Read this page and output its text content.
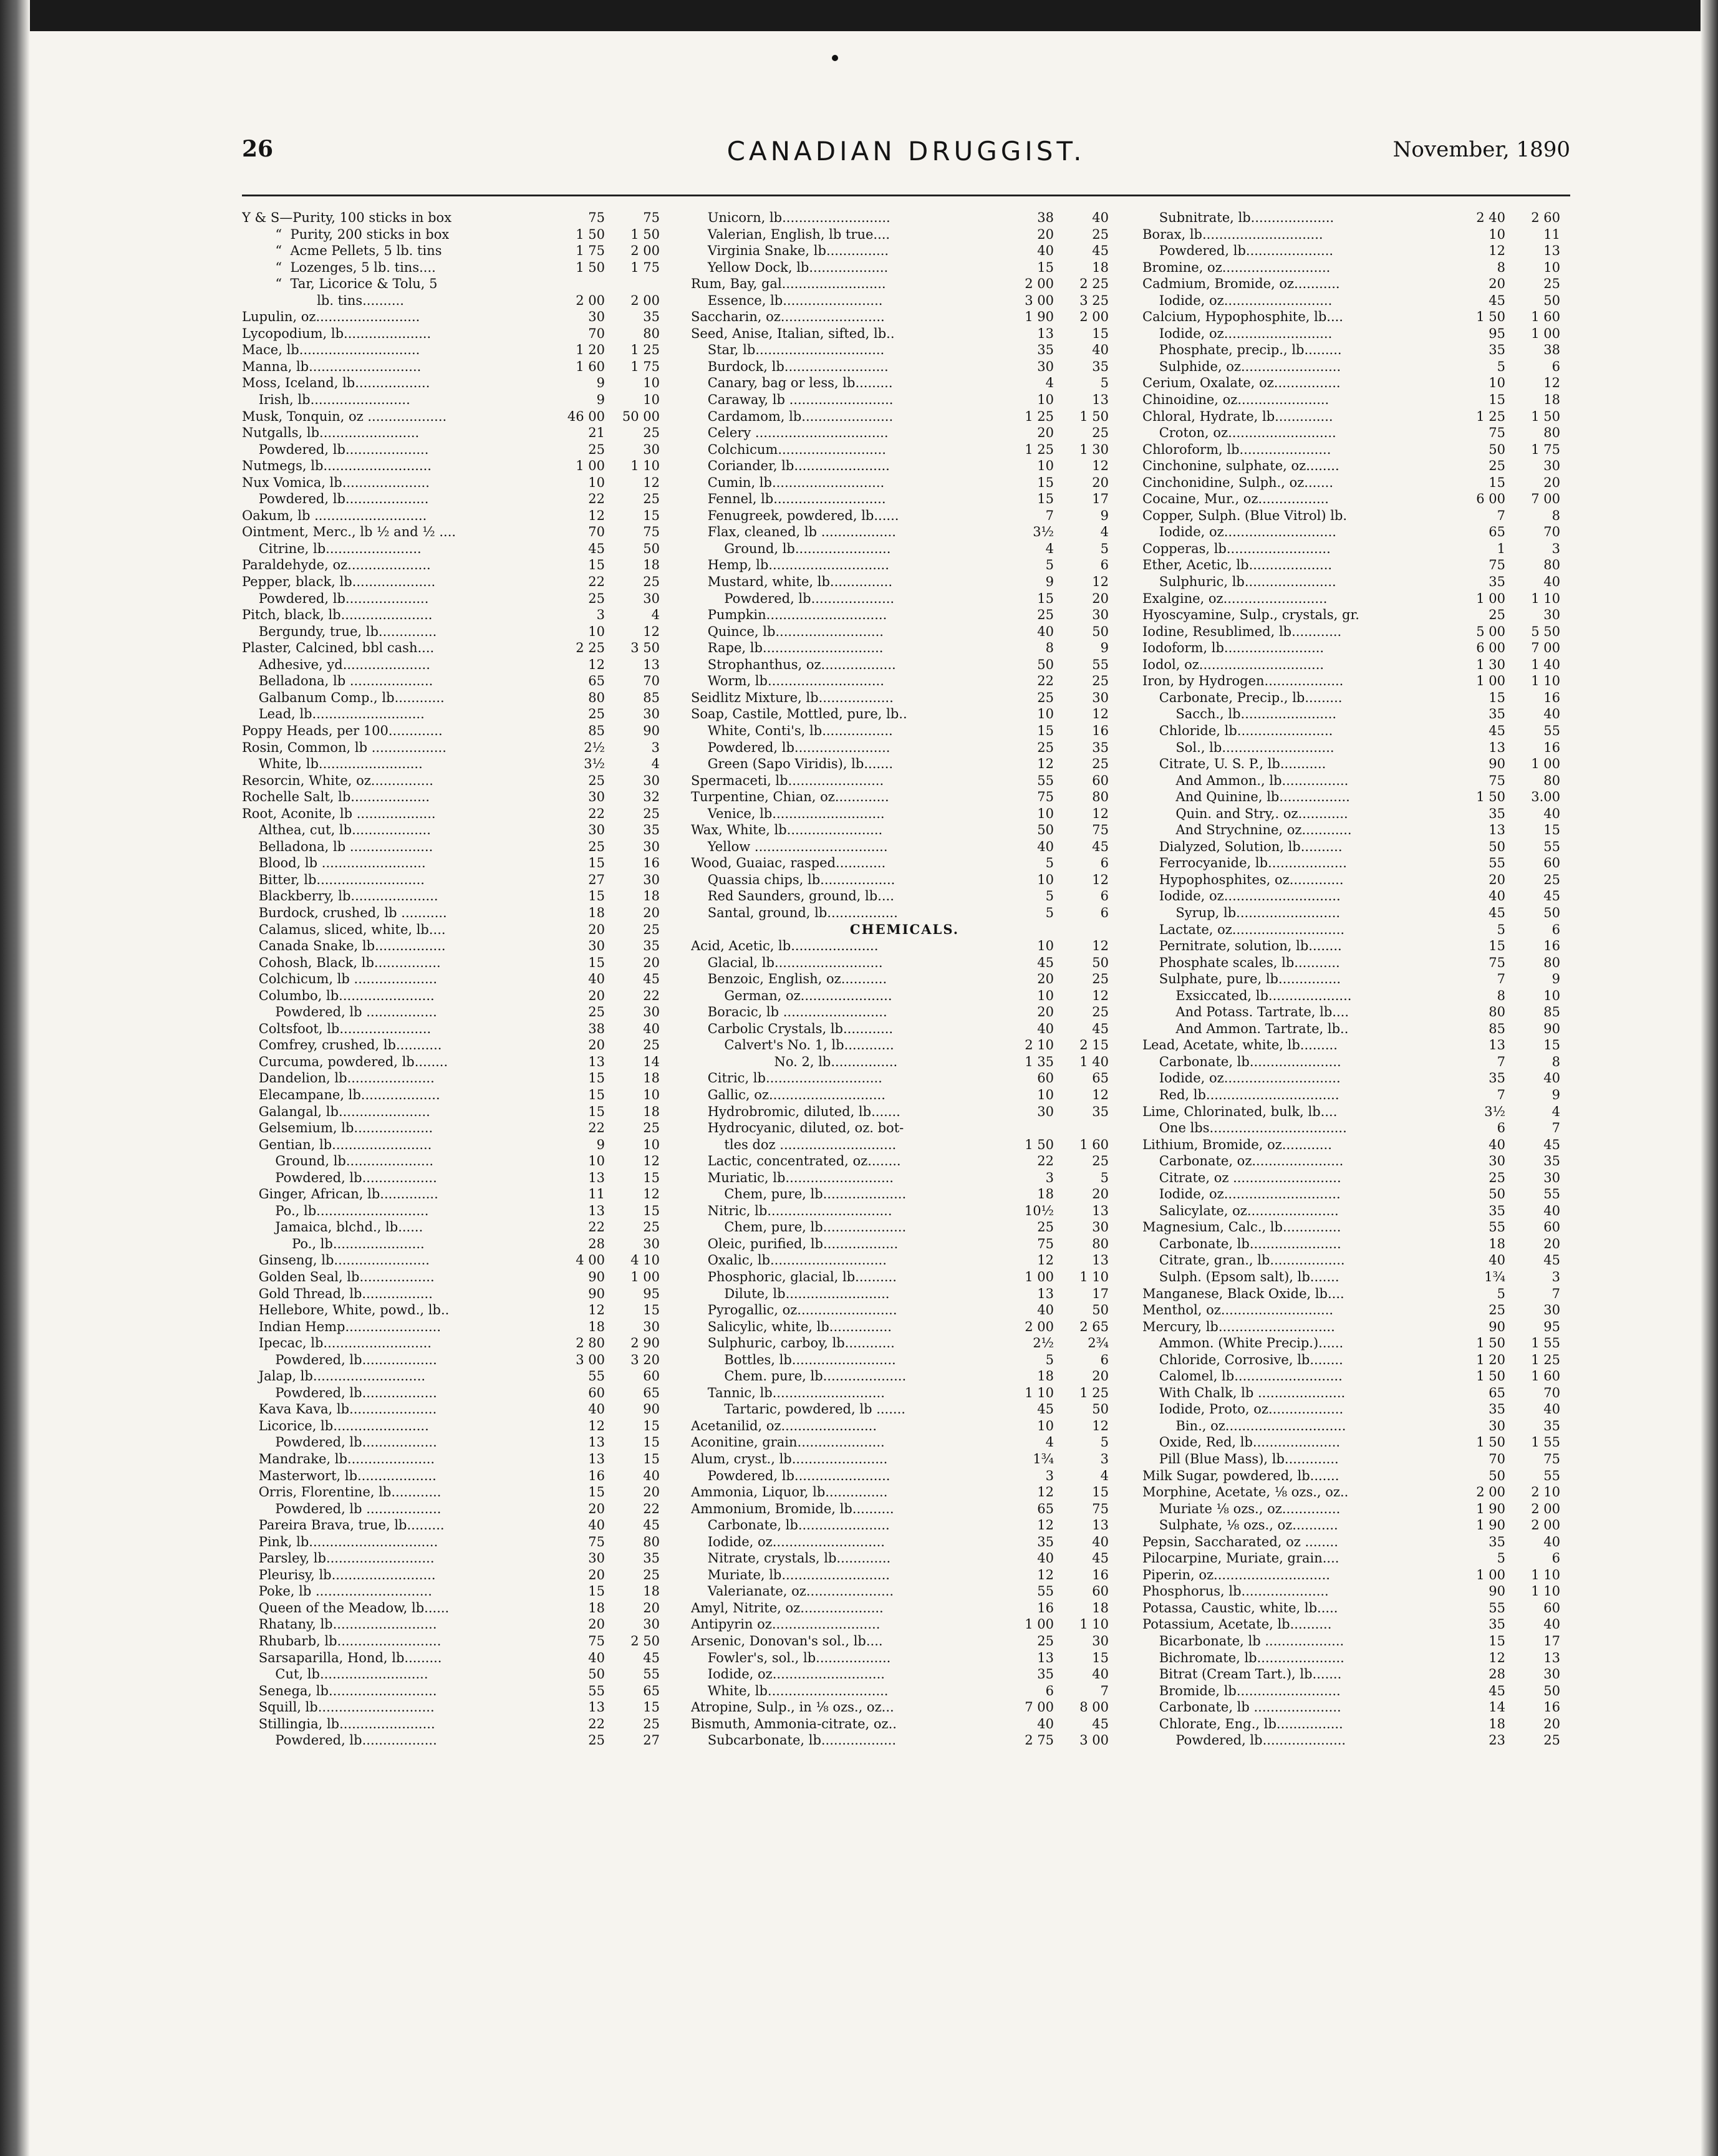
26	CANADIAN DRUGGIST.	November, 1890
Y & S—Purity, 100 sticks in box	75	75
“  Purity, 200 sticks in box	1 50	1 50
“  Acme Pellets, 5 lb. tins	1 75	2 00
“  Lozenges, 5 lb. tins....	1 50	1 75
“  Tar, Licorice & Tolu, 5
lb. tins..........	2 00	2 00
Lupulin, oz.........................	30	35
Lycopodium, lb.....................	70	80
Mace, lb.............................	1 20	1 25
Manna, lb...........................	1 60	1 75
Moss, Iceland, lb..................	9	10
Irish, lb........................	9	10
Musk, Tonquin, oz ...................	46 00	50 00
Nutgalls, lb........................	21	25
Powdered, lb....................	25	30
Nutmegs, lb..........................	1 00	1 10
Nux Vomica, lb.....................	10	12
Powdered, lb....................	22	25
Oakum, lb ...........................	12	15
Ointment, Merc., lb ½ and ½ ....	70	75
Citrine, lb.......................	45	50
Paraldehyde, oz....................	15	18
Pepper, black, lb....................	22	25
Powdered, lb....................	25	30
Pitch, black, lb......................	3	4
Bergundy, true, lb..............	10	12
Plaster, Calcined, bbl cash....	2 25	3 50
Adhesive, yd.....................	12	13
Belladona, lb ....................	65	70
Galbanum Comp., lb............	80	85
Lead, lb...........................	25	30
Poppy Heads, per 100.............	85	90
Rosin, Common, lb ..................	2½	3
White, lb.........................	3½	4
Resorcin, White, oz...............	25	30
Rochelle Salt, lb...................	30	32
Root, Aconite, lb ...................	22	25
Althea, cut, lb...................	30	35
Belladona, lb ....................	25	30
Blood, lb .........................	15	16
Bitter, lb..........................	27	30
Blackberry, lb.....................	15	18
Burdock, crushed, lb ...........	18	20
Calamus, sliced, white, lb....	20	25
Canada Snake, lb.................	30	35
Cohosh, Black, lb................	15	20
Colchicum, lb ....................	40	45
Columbo, lb.......................	20	22
Powdered, lb .................	25	30
Coltsfoot, lb......................	38	40
Comfrey, crushed, lb...........	20	25
Curcuma, powdered, lb........	13	14
Dandelion, lb.....................	15	18
Elecampane, lb...................	15	10
Galangal, lb......................	15	18
Gelsemium, lb...................	22	25
Gentian, lb........................	9	10
Ground, lb.....................	10	12
Powdered, lb..................	13	15
Ginger, African, lb..............	11	12
Po., lb...........................	13	15
Jamaica, blchd., lb......	22	25
Po., lb......................	28	30
Ginseng, lb.......................	4 00	4 10
Golden Seal, lb..................	90	1 00
Gold Thread, lb.................	90	95
Hellebore, White, powd., lb..	12	15
Indian Hemp.......................	18	30
Ipecac, lb..........................	2 80	2 90
Powdered, lb..................	3 00	3 20
Jalap, lb...........................	55	60
Powdered, lb..................	60	65
Kava Kava, lb.....................	40	90
Licorice, lb.......................	12	15
Powdered, lb..................	13	15
Mandrake, lb.....................	13	15
Masterwort, lb...................	16	40
Orris, Florentine, lb............	15	20
Powdered, lb ..................	20	22
Pareira Brava, true, lb.........	40	45
Pink, lb...............................	75	80
Parsley, lb..........................	30	35
Pleurisy, lb.........................	20	25
Poke, lb ............................	15	18
Queen of the Meadow, lb......	18	20
Rhatany, lb.........................	20	30
Rhubarb, lb.........................	75	2 50
Sarsaparilla, Hond, lb.........	40	45
Cut, lb..........................	50	55
Senega, lb..........................	55	65
Squill, lb............................	13	15
Stillingia, lb.......................	22	25
Powdered, lb..................	25	27
Unicorn, lb..........................	38	40
Valerian, English, lb true....	20	25
Virginia Snake, lb...............	40	45
Yellow Dock, lb...................	15	18
Rum, Bay, gal.........................	2 00	2 25
Essence, lb........................	3 00	3 25
Saccharin, oz.........................	1 90	2 00
Seed, Anise, Italian, sifted, lb..	13	15
Star, lb...............................	35	40
Burdock, lb.........................	30	35
Canary, bag or less, lb.........	4	5
Caraway, lb .........................	10	13
Cardamom, lb......................	1 25	1 50
Celery ................................	20	25
Colchicum..........................	1 25	1 30
Coriander, lb.......................	10	12
Cumin, lb...........................	15	20
Fennel, lb...........................	15	17
Fenugreek, powdered, lb......	7	9
Flax, cleaned, lb ..................	3½	4
Ground, lb.......................	4	5
Hemp, lb.............................	5	6
Mustard, white, lb...............	9	12
Powdered, lb....................	15	20
Pumpkin.............................	25	30
Quince, lb..........................	40	50
Rape, lb.............................	8	9
Strophanthus, oz..................	50	55
Worm, lb............................	22	25
Seidlitz Mixture, lb..................	25	30
Soap, Castile, Mottled, pure, lb..	10	12
White, Conti's, lb.................	15	16
Powdered, lb.......................	25	35
Green (Sapo Viridis), lb.......	12	25
Spermaceti, lb.......................	55	60
Turpentine, Chian, oz.............	75	80
Venice, lb...........................	10	12
Wax, White, lb.......................	50	75
Yellow ................................	40	45
Wood, Guaiac, rasped............	5	6
Quassia chips, lb..................	10	12
Red Saunders, ground, lb....	5	6
Santal, ground, lb.................	5	6
CHEMICALS.
Acid, Acetic, lb.....................	10	12
Glacial, lb..........................	45	50
Benzoic, English, oz...........	20	25
German, oz......................	10	12
Boracic, lb .........................	20	25
Carbolic Crystals, lb............	40	45
Calvert's No. 1, lb............	2 10	2 15
No. 2, lb................	1 35	1 40
Citric, lb............................	60	65
Gallic, oz............................	10	12
Hydrobromic, diluted, lb.......	30	35
Hydrocyanic, diluted, oz. bot-
tles doz ............................	1 50	1 60
Lactic, concentrated, oz........	22	25
Muriatic, lb..........................	3	5
Chem, pure, lb....................	18	20
Nitric, lb..............................	10½	13
Chem, pure, lb....................	25	30
Oleic, purified, lb..................	75	80
Oxalic, lb............................	12	13
Phosphoric, glacial, lb..........	1 00	1 10
Dilute, lb.........................	13	17
Pyrogallic, oz........................	40	50
Salicylic, white, lb...............	2 00	2 65
Sulphuric, carboy, lb............	2½	2¾
Bottles, lb.........................	5	6
Chem. pure, lb....................	18	20
Tannic, lb...........................	1 10	1 25
Tartaric, powdered, lb .......	45	50
Acetanilid, oz.......................	10	12
Aconitine, grain.....................	4	5
Alum, cryst., lb.......................	1¾	3
Powdered, lb.......................	3	4
Ammonia, Liquor, lb...............	12	15
Ammonium, Bromide, lb..........	65	75
Carbonate, lb......................	12	13
Iodide, oz...........................	35	40
Nitrate, crystals, lb.............	40	45
Muriate, lb..........................	12	16
Valerianate, oz.....................	55	60
Amyl, Nitrite, oz....................	16	18
Antipyrin oz..........................	1 00	1 10
Arsenic, Donovan's sol., lb....	25	30
Fowler's, sol., lb..................	13	15
Iodide, oz...........................	35	40
White, lb.............................	6	7
Atropine, Sulp., in ⅛ ozs., oz...	7 00	8 00
Bismuth, Ammonia-citrate, oz..	40	45
Subcarbonate, lb..................	2 75	3 00
Subnitrate, lb....................	2 40	2 60
Borax, lb.............................	10	11
Powdered, lb.....................	12	13
Bromine, oz..........................	8	10
Cadmium, Bromide, oz...........	20	25
Iodide, oz..........................	45	50
Calcium, Hypophosphite, lb....	1 50	1 60
Iodide, oz..........................	95	1 00
Phosphate, precip., lb.........	35	38
Sulphide, oz........................	5	6
Cerium, Oxalate, oz................	10	12
Chinoidine, oz......................	15	18
Chloral, Hydrate, lb..............	1 25	1 50
Croton, oz..........................	75	80
Chloroform, lb......................	50	1 75
Cinchonine, sulphate, oz........	25	30
Cinchonidine, Sulph., oz.......	15	20
Cocaine, Mur., oz.................	6 00	7 00
Copper, Sulph. (Blue Vitrol) lb.	7	8
Iodide, oz...........................	65	70
Copperas, lb.........................	1	3
Ether, Acetic, lb....................	75	80
Sulphuric, lb......................	35	40
Exalgine, oz.........................	1 00	1 10
Hyoscyamine, Sulp., crystals, gr.	25	30
Iodine, Resublimed, lb............	5 00	5 50
Iodoform, lb........................	6 00	7 00
Iodol, oz..............................	1 30	1 40
Iron, by Hydrogen...................	1 00	1 10
Carbonate, Precip., lb.........	15	16
Sacch., lb.......................	35	40
Chloride, lb.......................	45	55
Sol., lb...........................	13	16
Citrate, U. S. P., lb...........	90	1 00
And Ammon., lb................	75	80
And Quinine, lb.................	1 50	3.00
Quin. and Stry,. oz............	35	40
And Strychnine, oz............	13	15
Dialyzed, Solution, lb..........	50	55
Ferrocyanide, lb...................	55	60
Hypophosphites, oz.............	20	25
Iodide, oz............................	40	45
Syrup, lb.........................	45	50
Lactate, oz...........................	5	6
Pernitrate, solution, lb........	15	16
Phosphate scales, lb...........	75	80
Sulphate, pure, lb...............	7	9
Exsiccated, lb....................	8	10
And Potass. Tartrate, lb....	80	85
And Ammon. Tartrate, lb..	85	90
Lead, Acetate, white, lb.........	13	15
Carbonate, lb......................	7	8
Iodide, oz............................	35	40
Red, lb................................	7	9
Lime, Chlorinated, bulk, lb....	3½	4
One lbs.................................	6	7
Lithium, Bromide, oz............	40	45
Carbonate, oz......................	30	35
Citrate, oz ..........................	25	30
Iodide, oz............................	50	55
Salicylate, oz......................	35	40
Magnesium, Calc., lb..............	55	60
Carbonate, lb......................	18	20
Citrate, gran., lb..................	40	45
Sulph. (Epsom salt), lb.......	1¾	3
Manganese, Black Oxide, lb....	5	7
Menthol, oz...........................	25	30
Mercury, lb............................	90	95
Ammon. (White Precip.)......	1 50	1 55
Chloride, Corrosive, lb........	1 20	1 25
Calomel, lb..........................	1 50	1 60
With Chalk, lb .....................	65	70
Iodide, Proto, oz..................	35	40
Bin., oz.............................	30	35
Oxide, Red, lb.....................	1 50	1 55
Pill (Blue Mass), lb.............	70	75
Milk Sugar, powdered, lb.......	50	55
Morphine, Acetate, ⅛ ozs., oz..	2 00	2 10
Muriate ⅛ ozs., oz..............	1 90	2 00
Sulphate, ⅛ ozs., oz...........	1 90	2 00
Pepsin, Saccharated, oz ........	35	40
Pilocarpine, Muriate, grain....	5	6
Piperin, oz............................	1 00	1 10
Phosphorus, lb.....................	90	1 10
Potassa, Caustic, white, lb.....	55	60
Potassium, Acetate, lb..........	35	40
Bicarbonate, lb ...................	15	17
Bichromate, lb.....................	12	13
Bitrat (Cream Tart.), lb.......	28	30
Bromide, lb.........................	45	50
Carbonate, lb .....................	14	16
Chlorate, Eng., lb................	18	20
Powdered, lb....................	23	25
